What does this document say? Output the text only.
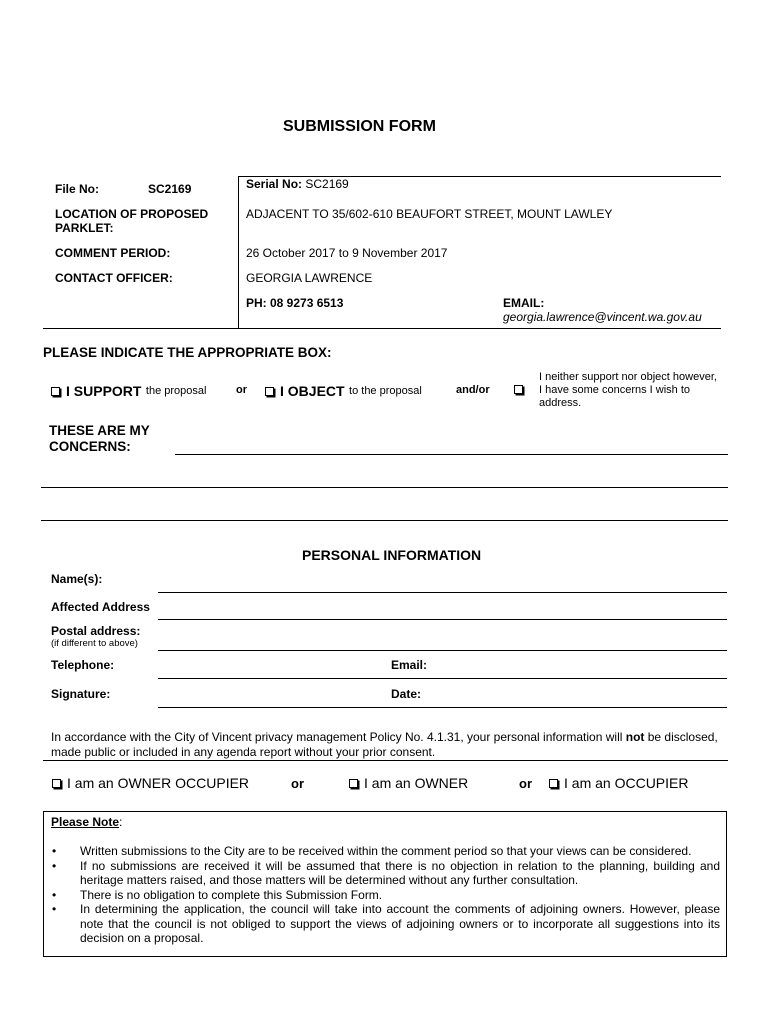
SUBMISSION FORM
File No:	SC2169	Serial No: SC2169
LOCATION OF PROPOSED PARKLET:
ADJACENT TO 35/602-610 BEAUFORT STREET, MOUNT LAWLEY
COMMENT PERIOD:	26 October 2017 to 9 November 2017
CONTACT OFFICER:	GEORGIA LAWRENCE
PH: 08 9273 6513	EMAIL:
georgia.lawrence@vincent.wa.gov.au
PLEASE INDICATE THE APPROPRIATE BOX:
I SUPPORT
the proposal	or I OBJECT
to the proposal	and/or
I neither support nor object however, I have some concerns I wish to address.
THESE ARE MY CONCERNS:
PERSONAL INFORMATION
Name(s):
Affected Address
Postal address:
(if different to above)
Telephone:	Email:
Signature:	Date:
In accordance with the City of Vincent privacy management Policy No. 4.1.31, your personal information will not be disclosed, made public or included in any agenda report without your prior consent.
I am an OWNER OCCUPIER	or	I am an OWNER	or I am an OCCUPIER
Please Note:
• Written submissions to the City are to be received within the comment period so that your views can be considered.
• If no submissions are received it will be assumed that there is no objection in relation to the planning, building and heritage matters raised, and those matters will be determined without any further consultation.
• There is no obligation to complete this Submission Form.
• In determining the application, the council will take into account the comments of adjoining owners. However, please note that the council is not obliged to support the views of adjoining owners or to incorporate all suggestions into its decision on a proposal.
